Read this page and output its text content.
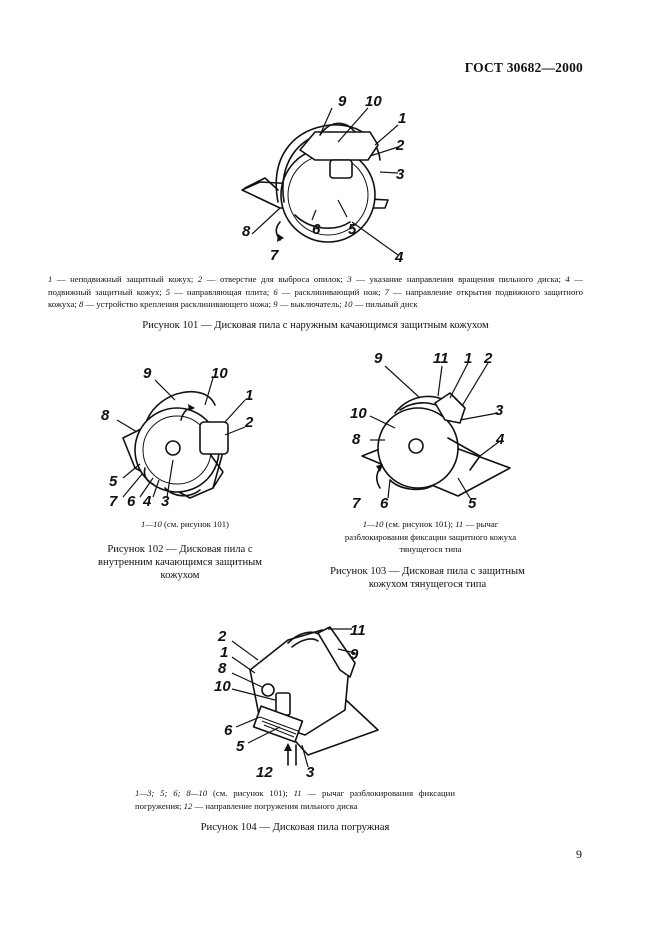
ГОСТ 30682—2000
9 10
1
2
3
8
7
6 5
4
1 — неподвижный защитный кожух; 2 — отверстие для выброса опилок; 3 — указание направления вращения пильного диска; 4 — подвижный защитный кожух; 5 — направляющая плита; 6 — расклинивающий нож; 7 — направление открытия подвижного защитного кожуха; 8 — устройство крепления расклинивающего ножа; 9 — выключатель; 10 — пильный диск
Рисунок 101 — Дисковая пила с наружным качающимся защитным кожухом
9	10
1
2
8
5
7 6 4 3
1—10 (см. рисунок 101)
Рисунок 102 — Дисковая пила с внутренним качающимся защитным кожухом
9	11 1 2
3
10
8	4
7 6	5
1—10 (см. рисунок 101); 11 — рычаг разблокирования фиксации защитного кожуха тянущегося типа
Рисунок 103 — Дисковая пила с защитным кожухом тянущегося типа
11
2
1	9
8
10
6
5
12 3
1—3; 5; 6; 8—10 (см. рисунок 101); 11 — рычаг разблокирования фиксации погружения; 12 — направление погружения пильного диска
Рисунок 104 — Дисковая пила погружная
9
